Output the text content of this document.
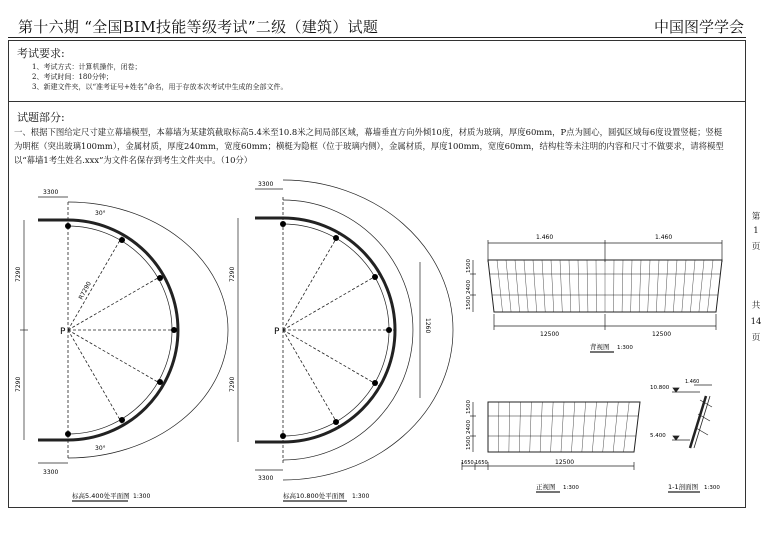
第十六期 “全国BIM技能等级考试”二级（建筑）试题	中国图学学会
考试要求:
1、考试方式：计算机操作，闭卷；
2、考试时间：180分钟；
3、新建文件夹，以“准考证号+姓名”命名，用于存放本次考试中生成的全部文件。
试题部分:
一、根据下图给定尺寸建立幕墙模型，本幕墙为某建筑截取标高5.4米至10.8米之间局部区域，幕墙垂直方向外倾10度，材质为玻璃，厚度60mm，P点为圆心，圆弧区域每6度设置竖梃；竖梃为明框（突出玻璃100mm），金属材质，厚度240mm，宽度60mm；横梃为隐框（位于玻璃内侧），金属材质，厚度100mm，宽度60mm，结构柱等未注明的内容和尺寸不做要求，请将模型以“幕墙1考生姓名.xxx”为文件名保存到考生文件夹中。（10分）
第
1
页
共
14
页
P
3300
3300
7290
7290
R7290
30°
30°
标高5.400处平面图 1:300
P
3300
3300
7290
7290
1260
标高10.800处平面图 1:300
1.460	1.460
12500	12500
1500
2400
1500
背视图 1:300
1500
2400
1500
1650 1650	12500
正视图 1:300
10.800
5.400
1.460
1-1剖面图 1:300
